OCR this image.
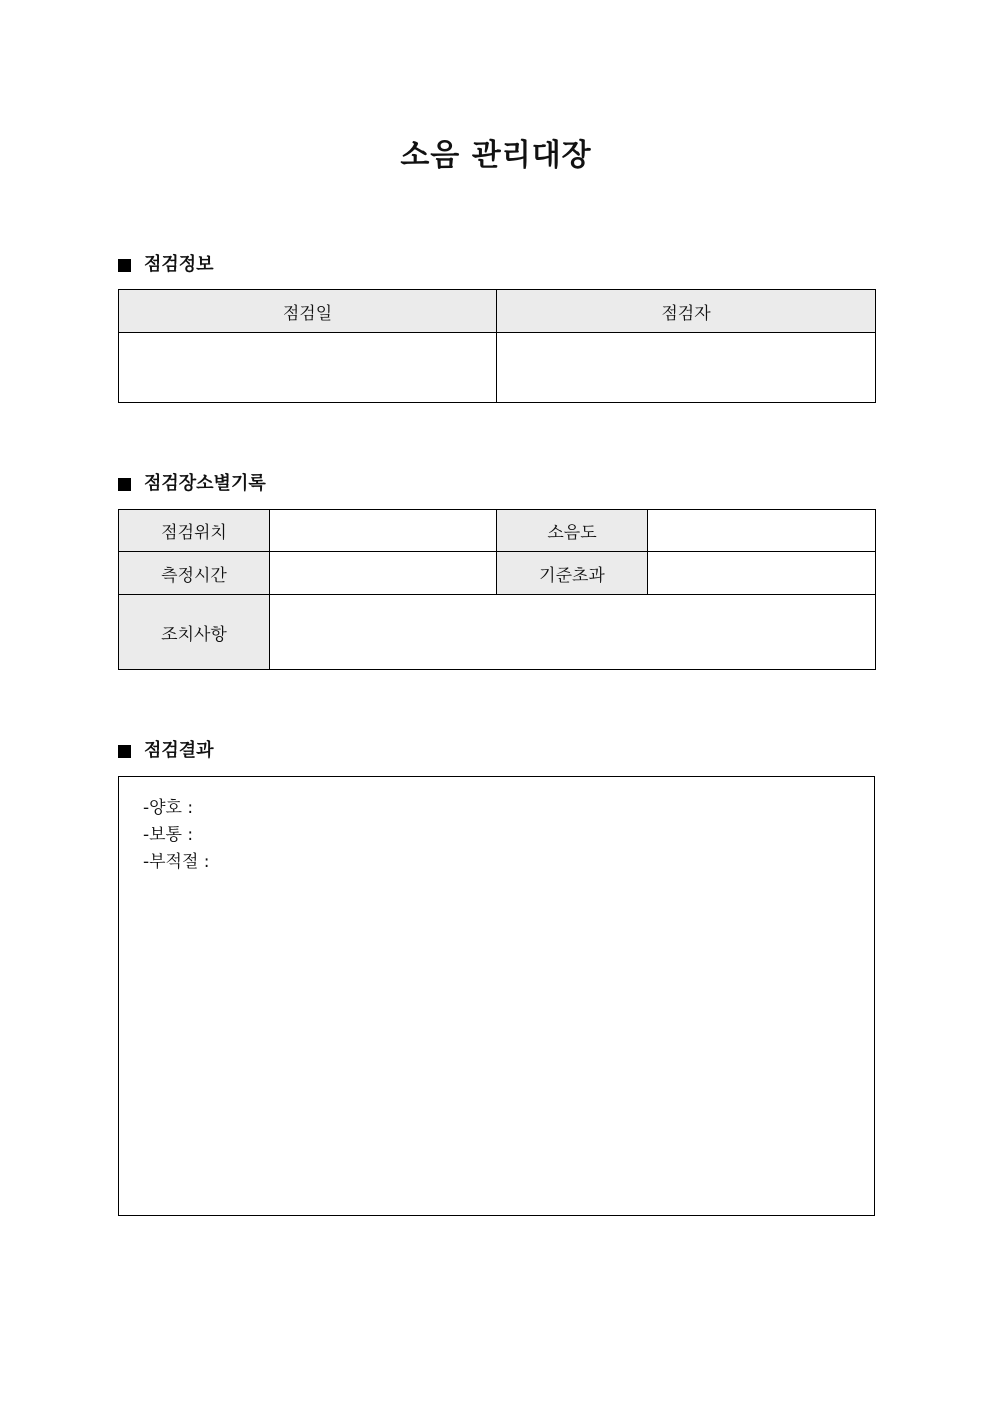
소음 관리대장
점검정보
점검일	점검자

점검장소별기록
점검위치		소음도	
측정시간		기준초과	
조치사항			
점검결과
-양호 :
-보통 :
-부적절 :
